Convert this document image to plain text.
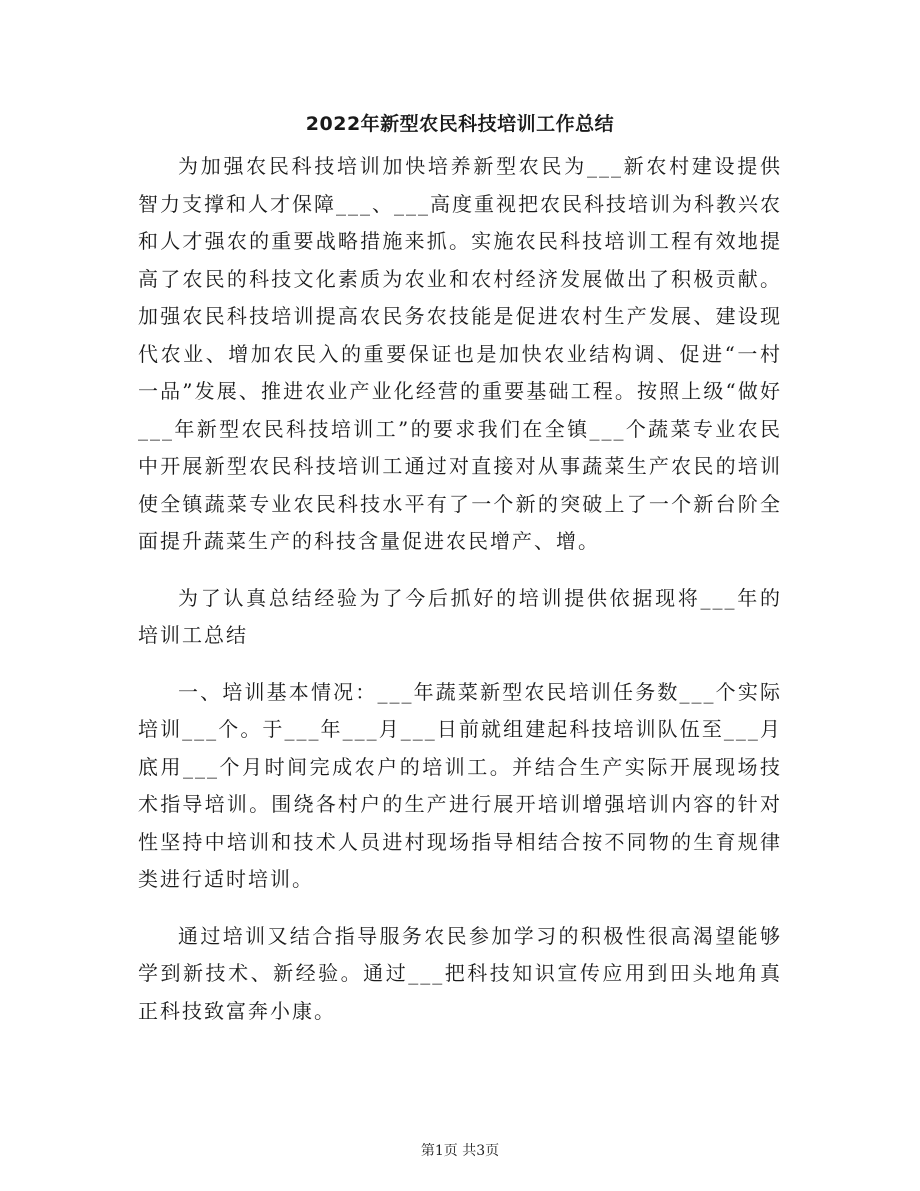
2022年新型农民科技培训工作总结

为加强农民科技培训加快培养新型农民为___新农村建设提供智力支撑和人才保障___、___高度重视把农民科技培训为科教兴农和人才强农的重要战略措施来抓。实施农民科技培训工程有效地提高了农民的科技文化素质为农业和农村经济发展做出了积极贡献。加强农民科技培训提高农民务农技能是促进农村生产发展、建设现代农业、增加农民入的重要保证也是加快农业结构调、促进“一村一品”发展、推进农业产业化经营的重要基础工程。按照上级“做好___年新型农民科技培训工”的要求我们在全镇___个蔬菜专业农民中开展新型农民科技培训工通过对直接对从事蔬菜生产农民的培训使全镇蔬菜专业农民科技水平有了一个新的突破上了一个新台阶全面提升蔬菜生产的科技含量促进农民增产、增。

为了认真总结经验为了今后抓好的培训提供依据现将___年的培训工总结

一、培训基本情况：___年蔬菜新型农民培训任务数___个实际培训___个。于___年___月___日前就组建起科技培训队伍至___月底用___个月时间完成农户的培训工。并结合生产实际开展现场技术指导培训。围绕各村户的生产进行展开培训增强培训内容的针对性坚持中培训和技术人员进村现场指导相结合按不同物的生育规律类进行适时培训。

通过培训又结合指导服务农民参加学习的积极性很高渴望能够学到新技术、新经验。通过___把科技知识宣传应用到田头地角真正科技致富奔小康。

第1页 共3页
